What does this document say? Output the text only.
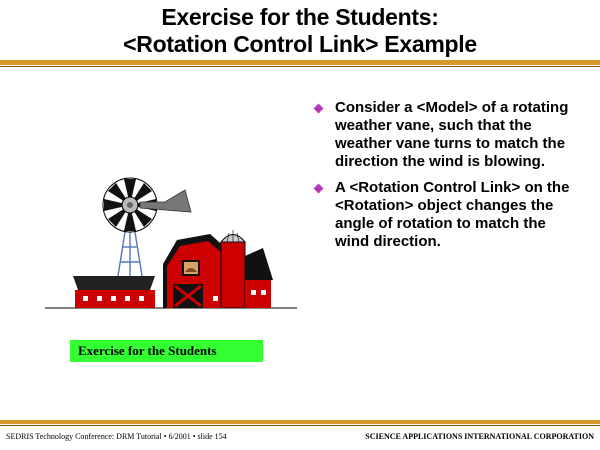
Exercise for the Students:
<Rotation Control Link> Example
Consider a <Model> of a rotating weather vane, such that the weather vane turns to match the direction the wind is blowing.
A <Rotation Control Link> on the <Rotation> object changes the angle of rotation to match the wind direction.
Exercise for the Students
SEDRIS Technology Conference: DRM Tutorial • 6/2001 • slide 154	SCIENCE APPLICATIONS INTERNATIONAL CORPORATION
